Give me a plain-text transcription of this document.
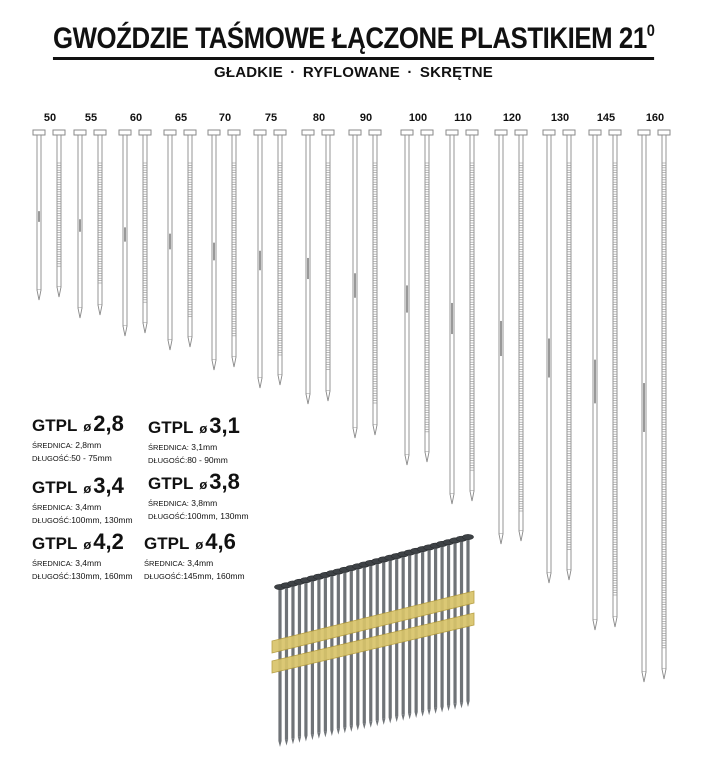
GWOŹDZIE TAŚMOWE ŁĄCZONE PLASTIKIEM $21^0$
GŁADKIE · RYFLOWANE · SKRĘTNE
50	55	60	65	70	75	80	90	100 110	120	130	145	160
GTPL ø2,8
ŚREDNICA: 2,8mm
DŁUGOŚĆ:50 - 75mm
GTPL ø3,4
ŚREDNICA: 3,4mm
DŁUGOŚĆ:100mm, 130mm
GTPL ø4,2
ŚREDNICA: 3,4mm
DŁUGOŚĆ:130mm, 160mm
GTPL ø3,1
ŚREDNICA: 3,1mm
DŁUGOŚĆ:80 - 90mm
GTPL ø3,8
ŚREDNICA: 3,8mm
DŁUGOŚĆ:100mm, 130mm
GTPL ø4,6
ŚREDNICA: 3,4mm
DŁUGOŚĆ:145mm, 160mm
